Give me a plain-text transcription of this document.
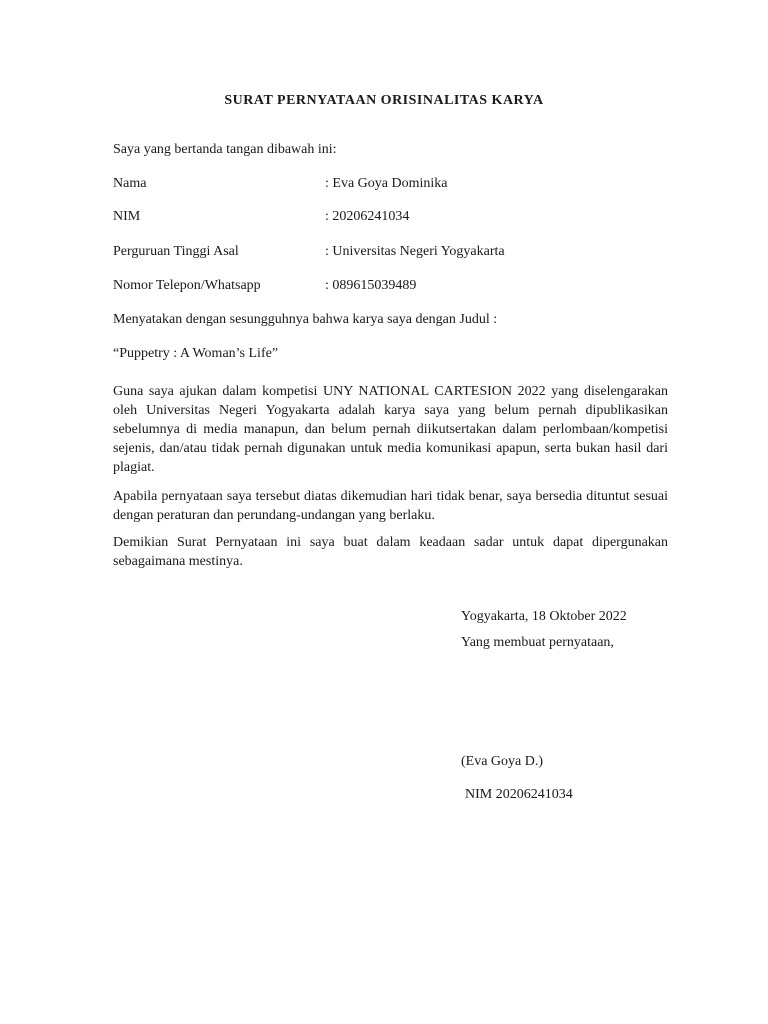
SURAT PERNYATAAN ORISINALITAS KARYA
Saya yang bertanda tangan dibawah ini:
Nama	: Eva Goya Dominika
NIM	: 20206241034
Perguruan Tinggi Asal	: Universitas Negeri Yogyakarta
Nomor Telepon/Whatsapp	: 089615039489
Menyatakan dengan sesungguhnya bahwa karya saya dengan Judul :
“Puppetry : A Woman’s Life”
Guna saya ajukan dalam kompetisi UNY NATIONAL CARTESION 2022 yang diselengarakan oleh Universitas Negeri Yogyakarta adalah karya saya yang belum pernah dipublikasikan sebelumnya di media manapun, dan belum pernah diikutsertakan dalam perlombaan/kompetisi sejenis, dan/atau tidak pernah digunakan untuk media komunikasi apapun, serta bukan hasil dari plagiat.
Apabila pernyataan saya tersebut diatas dikemudian hari tidak benar, saya bersedia dituntut sesuai dengan peraturan dan perundang-undangan yang berlaku.
Demikian Surat Pernyataan ini saya buat dalam keadaan sadar untuk dapat dipergunakan sebagaimana mestinya.
Yogyakarta, 18 Oktober 2022
Yang membuat pernyataan,
(Eva Goya D.)
NIM 20206241034
